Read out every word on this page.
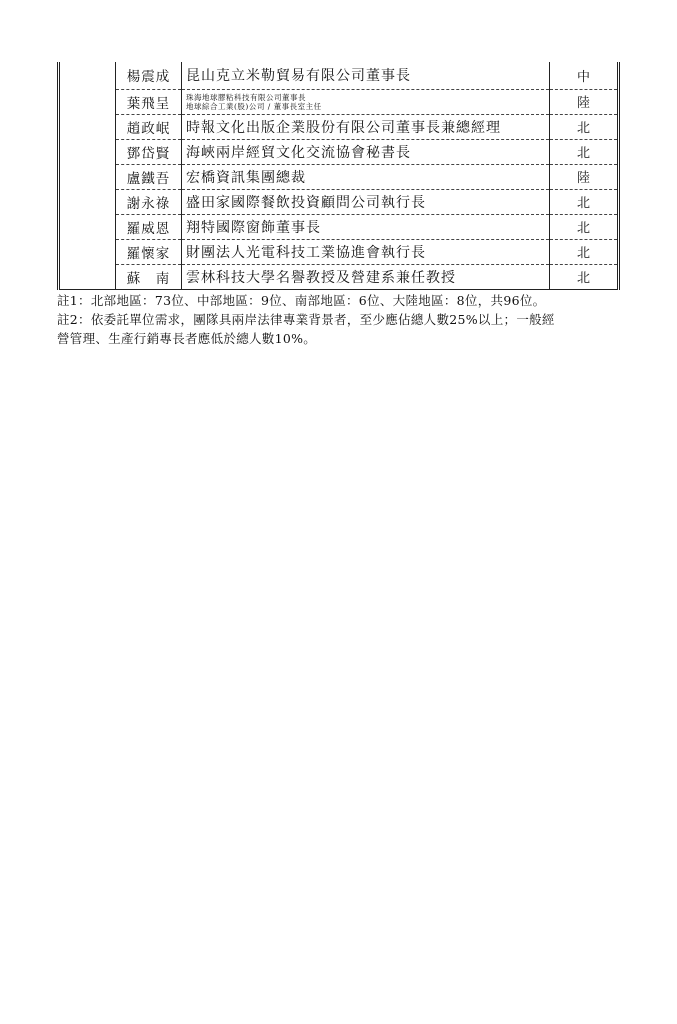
	楊震成	昆山克立米勒貿易有限公司董事長	中
	葉飛呈	珠海地球膠粘科技有限公司董事長
地球綜合工業(股)公司 / 董事長室主任	陸
	趙政岷	時報文化出版企業股份有限公司董事長兼總經理	北
	鄧岱賢	海峽兩岸經貿文化交流協會秘書長	北
	盧鐵吾	宏橋資訊集團總裁	陸
	謝永祿	盛田家國際餐飲投資顧問公司執行長	北
	羅威恩	翔特國際窗飾董事長	北
	羅懷家	財團法人光電科技工業協進會執行長	北
	蘇　南	雲林科技大學名譽教授及營建系兼任教授	北

註1：北部地區：73位、中部地區：9位、南部地區：6位、大陸地區：8位，共96位。

註2：依委託單位需求，團隊具兩岸法律專業背景者，至少應佔總人數25%以上；一般經

營管理、生產行銷專長者應低於總人數10%。
